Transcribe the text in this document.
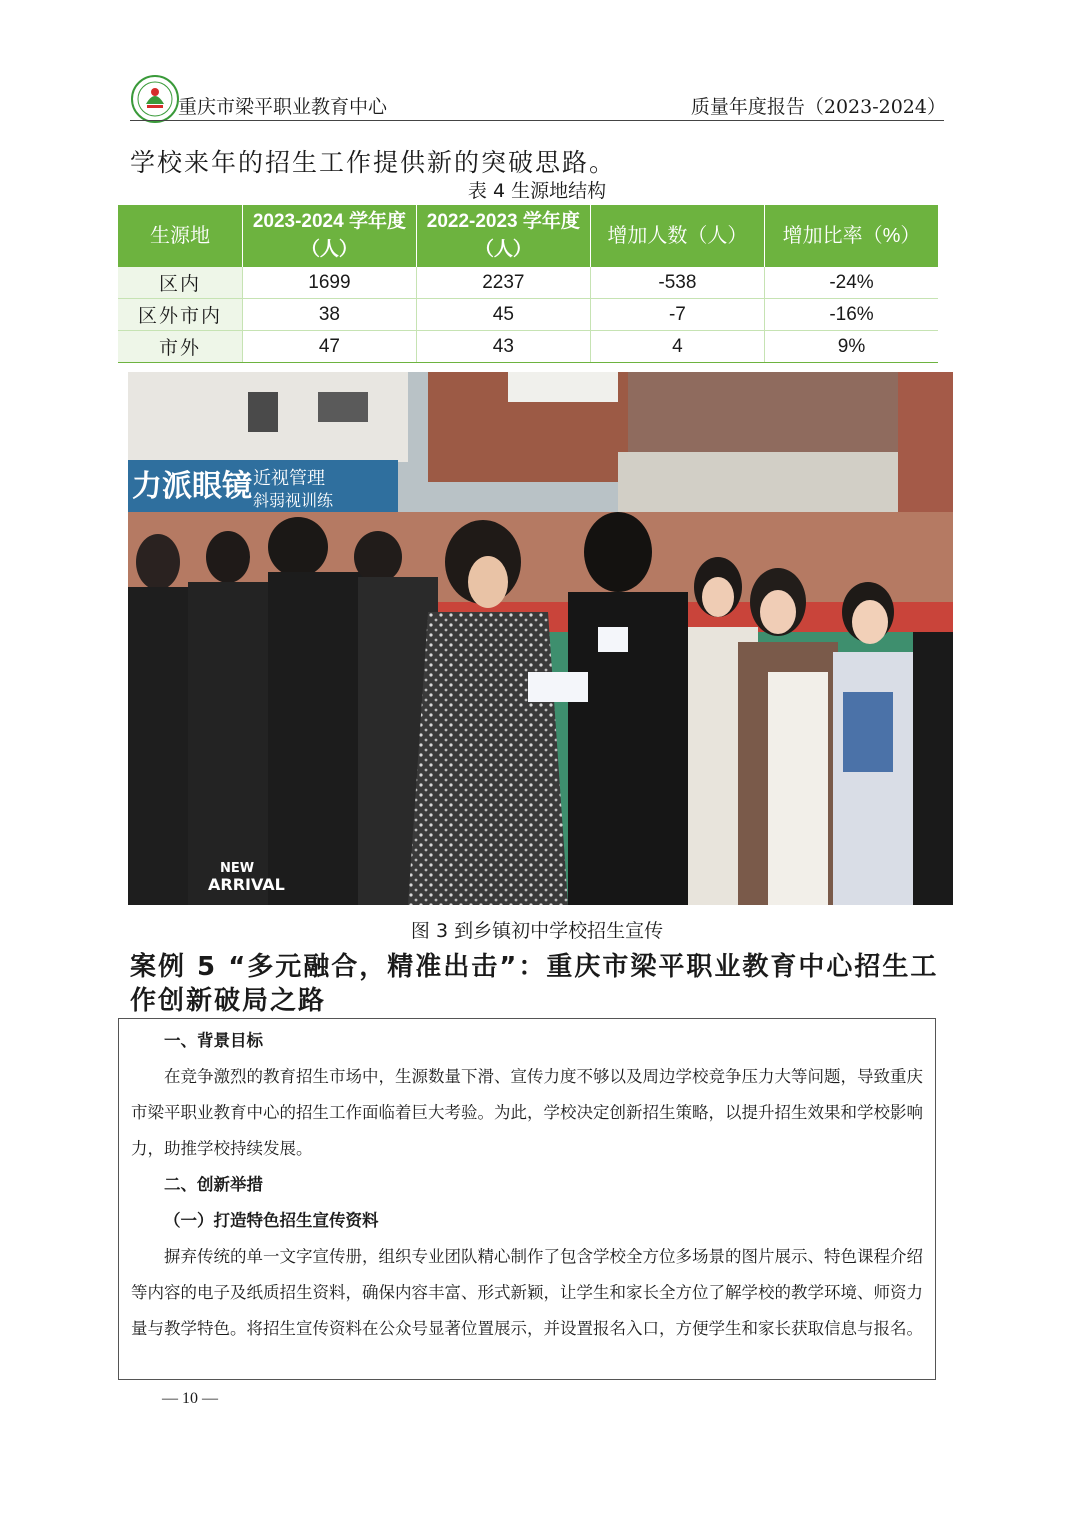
重庆市梁平职业教育中心	质量年度报告（2023-2024）
学校来年的招生工作提供新的突破思路。
表 4 生源地结构
生源地	2023-2024 学年度（人）	2022-2023 学年度（人）	增加人数（人）	增加比率（%）
区内	1699	2237	-538	-24%
区外市内	38	45	-7	-16%
市外	47	43	4	9%
力派眼镜 近视管理
斜弱视训练
NEW
ARRIVAL
图 3 到乡镇初中学校招生宣传
案例 5 “多元融合，精准出击”：重庆市梁平职业教育中心招生工作创新破局之路
一、背景目标
在竞争激烈的教育招生市场中，生源数量下滑、宣传力度不够以及周边学校竞争压力大等问题，导致重庆市梁平职业教育中心的招生工作面临着巨大考验。为此，学校决定创新招生策略，以提升招生效果和学校影响力，助推学校持续发展。
二、创新举措
（一）打造特色招生宣传资料
摒弃传统的单一文字宣传册，组织专业团队精心制作了包含学校全方位多场景的图片展示、特色课程介绍等内容的电子及纸质招生资料，确保内容丰富、形式新颖，让学生和家长全方位了解学校的教学环境、师资力量与教学特色。将招生宣传资料在公众号显著位置展示，并设置报名入口，方便学生和家长获取信息与报名。
— 10 —
